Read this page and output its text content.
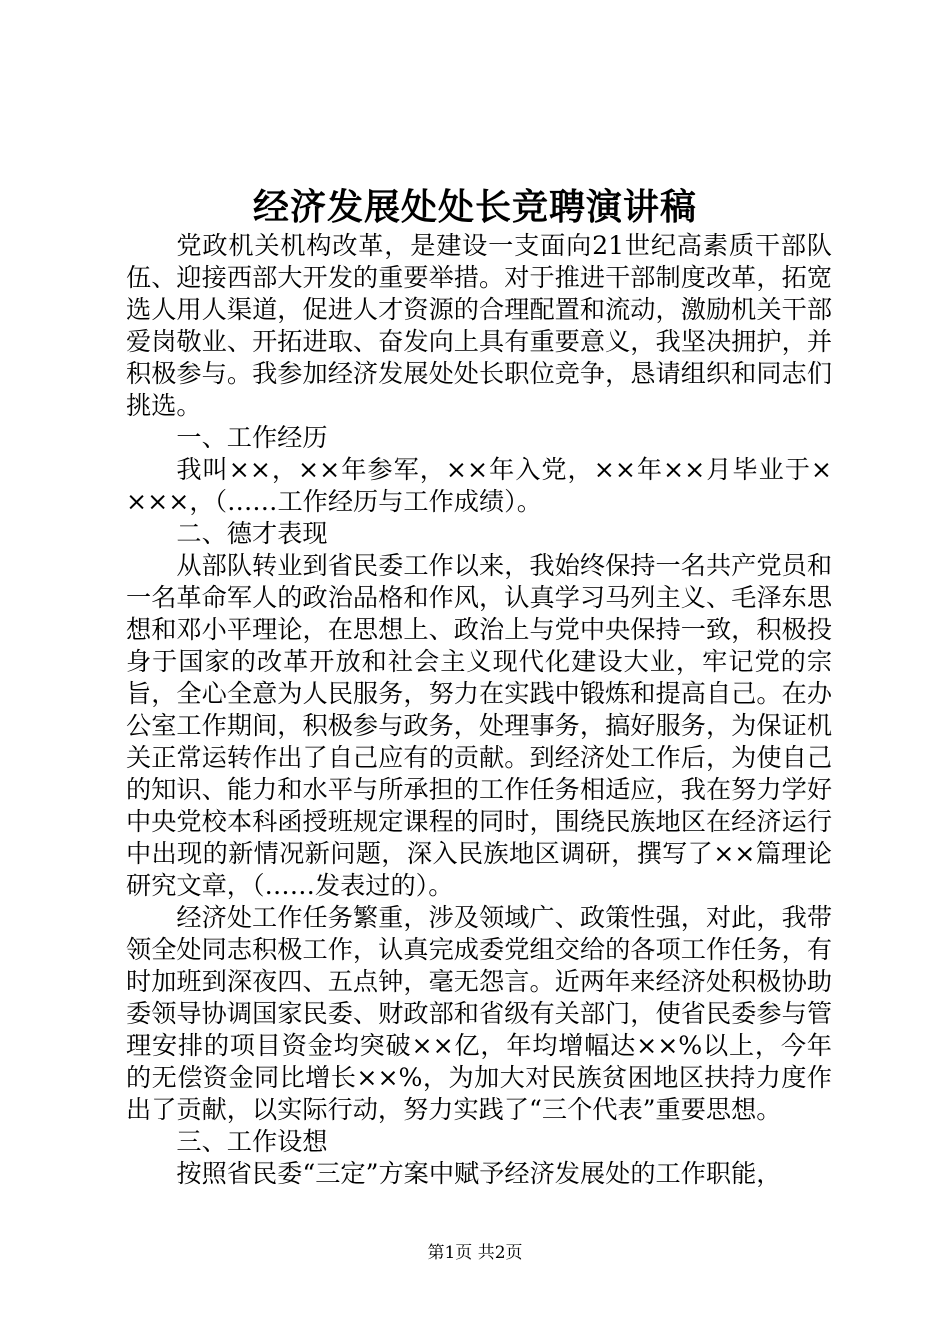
经济发展处处长竞聘演讲稿

党政机关机构改革，是建设一支面向21世纪高素质干部队伍、迎接西部大开发的重要举措。对于推进干部制度改革，拓宽选人用人渠道，促进人才资源的合理配置和流动，激励机关干部爱岗敬业、开拓进取、奋发向上具有重要意义，我坚决拥护，并积极参与。我参加经济发展处处长职位竞争，恳请组织和同志们挑选。

一、工作经历

我叫××，××年参军，××年入党，××年××月毕业于××××，（……工作经历与工作成绩）。

二、德才表现

从部队转业到省民委工作以来，我始终保持一名共产党员和一名革命军人的政治品格和作风，认真学习马列主义、毛泽东思想和邓小平理论，在思想上、政治上与党中央保持一致，积极投身于国家的改革开放和社会主义现代化建设大业，牢记党的宗旨，全心全意为人民服务，努力在实践中锻炼和提高自己。在办公室工作期间，积极参与政务，处理事务，搞好服务，为保证机关正常运转作出了自己应有的贡献。到经济处工作后，为使自己的知识、能力和水平与所承担的工作任务相适应，我在努力学好中央党校本科函授班规定课程的同时，围绕民族地区在经济运行中出现的新情况新问题，深入民族地区调研，撰写了××篇理论研究文章，（……发表过的）。

经济处工作任务繁重，涉及领域广、政策性强，对此，我带领全处同志积极工作，认真完成委党组交给的各项工作任务，有时加班到深夜四、五点钟，毫无怨言。近两年来经济处积极协助委领导协调国家民委、财政部和省级有关部门，使省民委参与管理安排的项目资金均突破××亿，年均增幅达××%以上，今年的无偿资金同比增长××%，为加大对民族贫困地区扶持力度作出了贡献，以实际行动，努力实践了“三个代表”重要思想。

三、工作设想

按照省民委“三定”方案中赋予经济发展处的工作职能，

第1页 共2页
